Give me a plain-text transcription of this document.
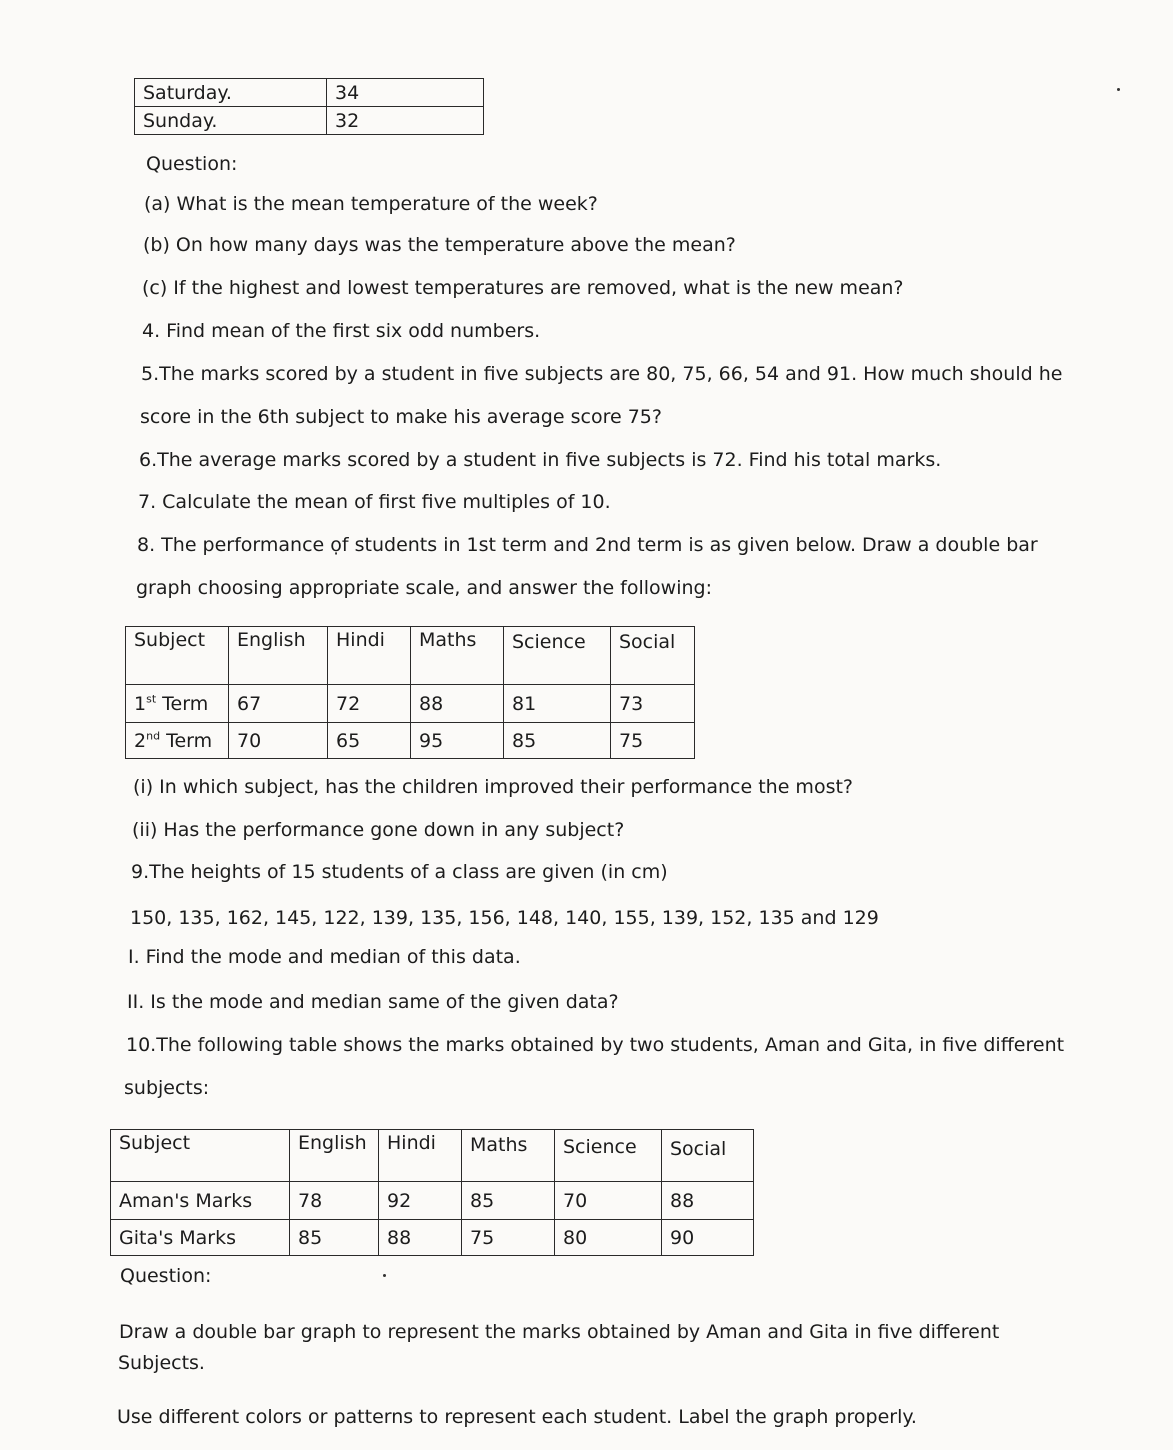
Saturday.	34
Sunday.	32
Question:
(a) What is the mean temperature of the week?
(b) On how many days was the temperature above the mean?
(c) If the highest and lowest temperatures are removed, what is the new mean?
4. Find mean of the first six odd numbers.
5.The marks scored by a student in five subjects are 80, 75, 66, 54 and 91. How much should he
score in the 6th subject to make his average score 75?
6.The average marks scored by a student in five subjects is 72. Find his total marks.
7. Calculate the mean of first five multiples of 10.
8. The performance ọf students in 1st term and 2nd term is as given below. Draw a double bar
graph choosing appropriate scale, and answer the following:
Subject	English	Hindi	Maths	Science	Social
1st Term	67	72	88	81	73
2nd Term	70	65	95	85	75
(i) In which subject, has the children improved their performance the most?
(ii) Has the performance gone down in any subject?
9.The heights of 15 students of a class are given (in cm)
150, 135, 162, 145, 122, 139, 135, 156, 148, 140, 155, 139, 152, 135 and 129
I. Find the mode and median of this data.
II. Is the mode and median same of the given data?
10.The following table shows the marks obtained by two students, Aman and Gita, in five different
subjects:
Subject	English	Hindi	Maths	Science	Social
Aman's Marks	78	92	85	70	88
Gita's Marks	85	88	75	80	90
Question:
Draw a double bar graph to represent the marks obtained by Aman and Gita in five different
Subjects.
Use different colors or patterns to represent each student. Label the graph properly.
